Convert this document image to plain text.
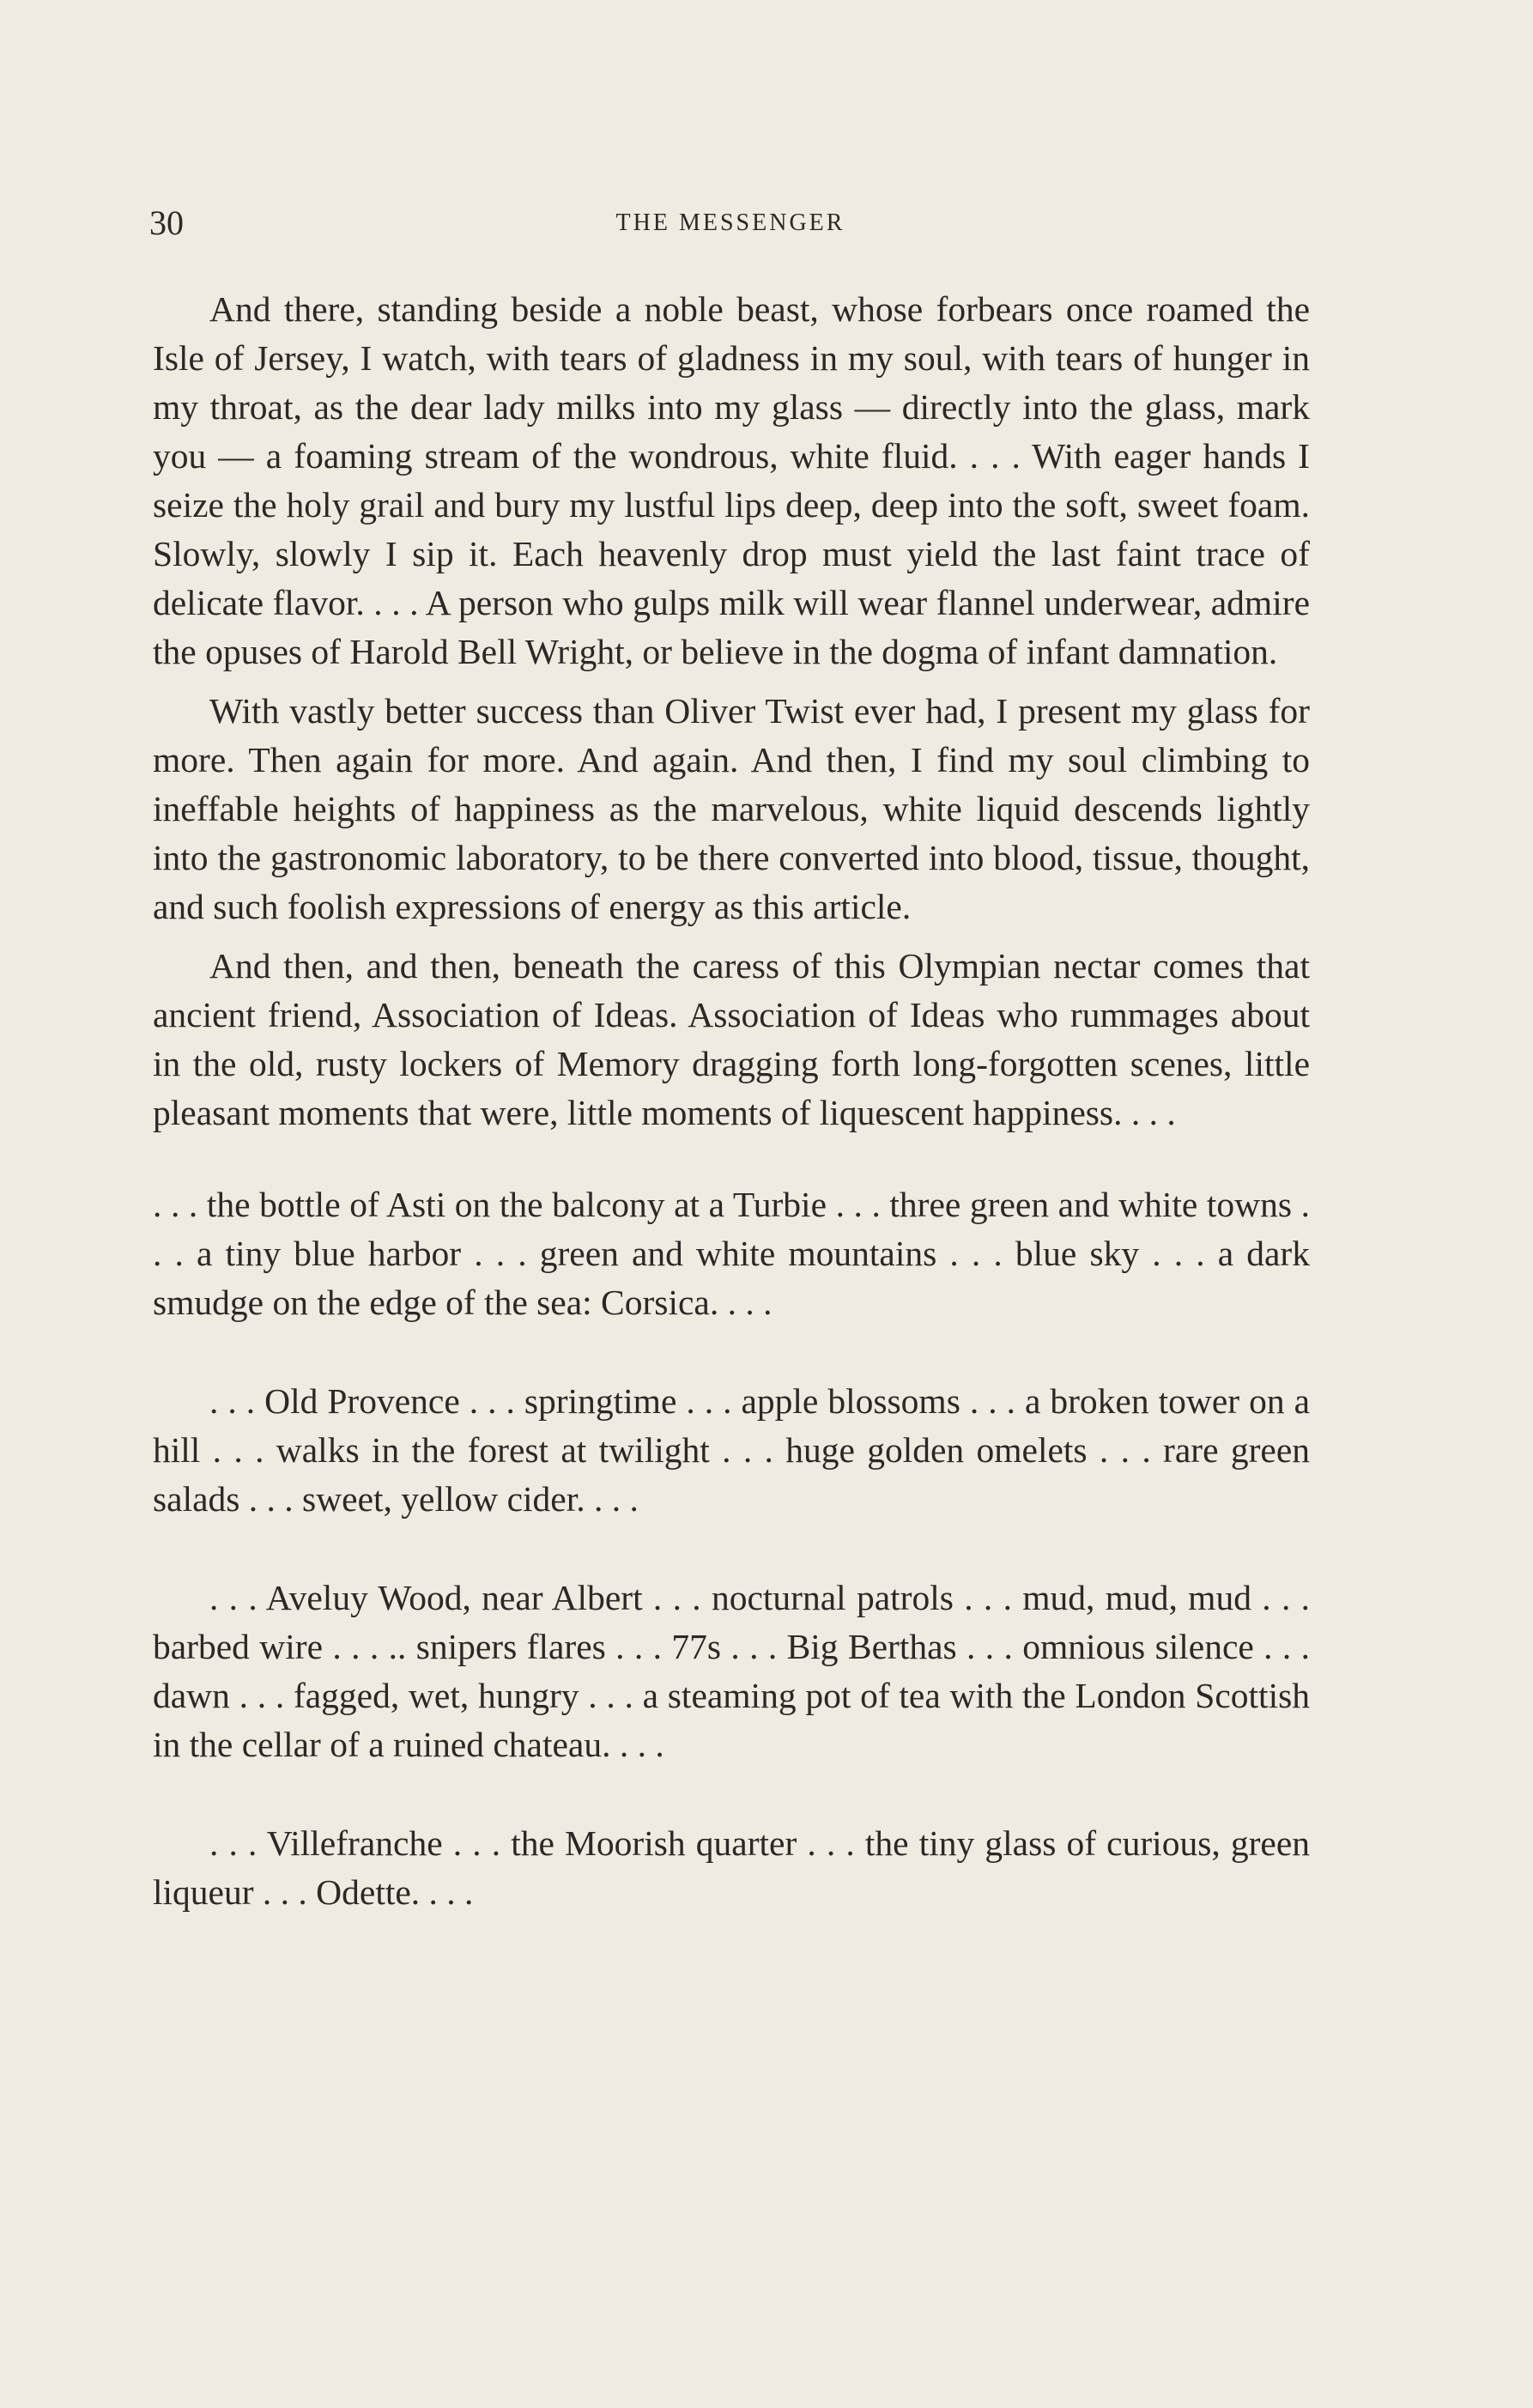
30	THE MESSENGER

And there, standing beside a noble beast, whose forbears once roamed the Isle of Jersey, I watch, with tears of gladness in my soul, with tears of hunger in my throat, as the dear lady milks into my glass — directly into the glass, mark you — a foaming stream of the wondrous, white fluid. . . . With eager hands I seize the holy grail and bury my lustful lips deep, deep into the soft, sweet foam. Slowly, slowly I sip it. Each heavenly drop must yield the last faint trace of delicate flavor. . . . A person who gulps milk will wear flannel underwear, admire the opuses of Harold Bell Wright, or believe in the dogma of infant damnation.

With vastly better success than Oliver Twist ever had, I present my glass for more. Then again for more. And again. And then, I find my soul climbing to ineffable heights of happiness as the marvelous, white liquid descends lightly into the gastronomic laboratory, to be there converted into blood, tissue, thought, and such foolish expressions of energy as this article.

And then, and then, beneath the caress of this Olympian nectar comes that ancient friend, Association of Ideas. Association of Ideas who rummages about in the old, rusty lockers of Memory dragging forth long-forgotten scenes, little pleasant moments that were, little moments of liquescent happiness. . . .

. . . the bottle of Asti on the balcony at a Turbie . . . three green and white towns . . . a tiny blue harbor . . . green and white mountains . . . blue sky . . . a dark smudge on the edge of the sea: Corsica. . . .

. . . Old Provence . . . springtime . . . apple blossoms . . . a broken tower on a hill . . . walks in the forest at twilight . . . huge golden omelets . . . rare green salads . . . sweet, yellow cider. . . .

. . . Aveluy Wood, near Albert . . . nocturnal patrols . . . mud, mud, mud . . . barbed wire . . . .. snipers flares . . . 77s . . . Big Berthas . . . omnious silence . . . dawn . . . fagged, wet, hungry . . . a steaming pot of tea with the London Scottish in the cellar of a ruined chateau. . . .

. . . Villefranche . . . the Moorish quarter . . . the tiny glass of curious, green liqueur . . . Odette. . . .
